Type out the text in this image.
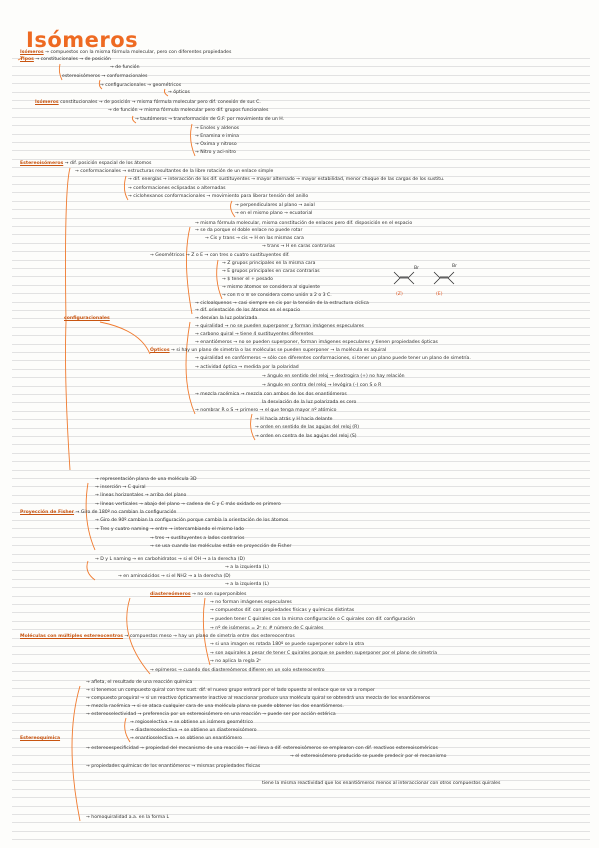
Isómeros
Br
(Z)
Br
(E)
Isómeros → compuestos con la misma fórmula molecular, pero con diferentes propiedades
Tipos → constitucionales → de posición
→ de función
estereoisómeros → conformacionales
→ configuracionales → geométricos
→ ópticos
Isómeros constitucionales → de posición → misma fórmula molecular pero dif. conexión de sus C.
→ de función → misma fórmula molecular pero dif. grupos funcionales
→ tautómeros → transformación de G.F. por movimiento de un H.
→ Enoles y aldenos
→ Enamina e imina
→ Oxima y nitroso
→ Nitro y aci-nitro
Estereoisómeros → dif. posición espacial de los átomos
→ conformacionales → estructuras resultantes de la libre rotación de un enlace simple
→ dif. energías → interacción de los dif. sustituyentes → mayor alternado → mayor estabilidad, menor choque de las cargas de los sustitu.
→ conformaciones eclipsadas o alternadas
→ ciclohexanos conformacionales → movimiento para liberar tensión del anillo
→ perpendiculares al plano → axial
→ en el mismo plano → ecuatorial
→ misma fórmula molecular, misma constitución de enlaces pero dif. disposición en el espacio
→ se da porque el doble enlace no puede rotar
→ Cis y trans → cis → H en las mismas cara
→ trans → H en caras contrarias
→ Geométricos → Z o E → con tres o cuatro sustituyentes dif.
→ Z grupos principales en la misma cara
→ E grupos principales en caras contrarias
→ $ tener el + pesado
→ mismo átomos se considera al siguiente
→ con π o ≡ se considera como unión a 2 o 3 C.
→ cicloalquenos → casi siempre en cis por la tensión de la estructura cíclica
→ dif. orientación de los átomos en el espacio
configuracionales	→ desvían la luz polarizada
→ quiralidad → no se pueden superponer y forman imágenes especulares
→ carbono quiral → tiene 4 sustituyentes diferentes
→ enantiómeros → no se pueden superponer, forman imágenes especulares y tienen propiedades ópticas
Ópticos → si hay un plano de simetría o las moléculas se pueden superponer → la molécula es aquiral
→ quiralidad en confórmeros → sólo con diferentes conformaciones, si tener un plano puede tener un plano de simetría.
→ actividad óptica → medida por la polaridad
→ ángulo en sentido del reloj → dextrogira (+) no hay relación
→ ángulo en contra del reloj → levógira (-) con S o R
→ mezcla racémica → mezcla con ambos de los dos enantiómeros
la desviación de la luz polarizada es cero
→ nombrar R o S → primero → el que tenga mayor nº atómico
→ H hacia atrás y H hacia delante
→ orden en sentido de las agujas del reloj (R)
→ orden en contra de las agujas del reloj (S)
→ representación plana de una molécula 3D
→ inserción → C quiral
→ líneas horizontales → arriba del plano
→ líneas verticales → abajo del plano → cadena de C y C más oxidado es primero
Proyección de Fisher → Giro de 180º no cambian la configuración
→ Giro de 90º cambian la configuración porque cambia la orientación de los átomos
→ Tres y cuatro naming → entre → intercambiando el mismo lado
→ tres → sustituyentes a lados contrarios
→ se usa cuando las moléculas están en proyección de Fisher
→ D y L naming → en carbohidratos → si el OH → a la derecha (D)
→ a la izquierda (L)
→ en aminoácidos → si el NH2 → a la derecha (D)
→ a la izquierda (L)
diastereómeros → no son superponibles
→ no forman imágenes especulares
→ compuestos dif. con propiedades físicas y químicas distintas
→ pueden tener C quirales con la misma configuración o C quirales con dif. configuración
→ nº de isómeros = 2ⁿ n: # número de C quirales
Moléculas con múltiples estereocentros → compuestos meso → hay un plano de simetría entre dos estereocentros
→ si una imagen es rotada 180º se puede superponer sobre la otra
→ son aquirales a pesar de tener C quirales porque se pueden superponer por el plano de simetría
→ no aplica la regla 2ⁿ
→ epímeros → cuando dos diastereómeros difieren en un solo estereocentro
→ afleta, el resultado de una reacción química
→ si tenemos un compuesto quiral con tres sust. dif. el nuevo grupo entrará por el lado opuesto al enlace que se va a romper
→ compuesto proquiral → si un reactivo ópticamente inactivo al reaccionar produce una molécula quiral se obtendrá una mezcla de los enantiómeros
→ mezcla racémica → si se ataca cualquier cara de una molécula plana se puede obtener los dos enantiómeros.
→ estereoselectividad → preferencia por un estereoisómero en una reacción → puede ser por acción estérica
→ regioselectiva → se obtiene un isómero geométrico
→ diastereoselectiva → se obtiene un diastereoisómero
Estereoquímica	→ enantioselectiva → se obtiene un enantiómero
→ estereoespecificidad → propiedad del mecanismo de una reacción → así lleva a dif. estereoisómeros se emplearon con dif. reactivos estereoisoméricos
→ el estereoisómero producido se puede predecir por el mecanismo
→ propiedades químicas de los enantiómeros → mismas propiedades físicas
tiene la misma reactividad que los enantiómeros menos al interaccionar con otros compuestos quirales
→ homoquiralidad a.a. en la forma L
